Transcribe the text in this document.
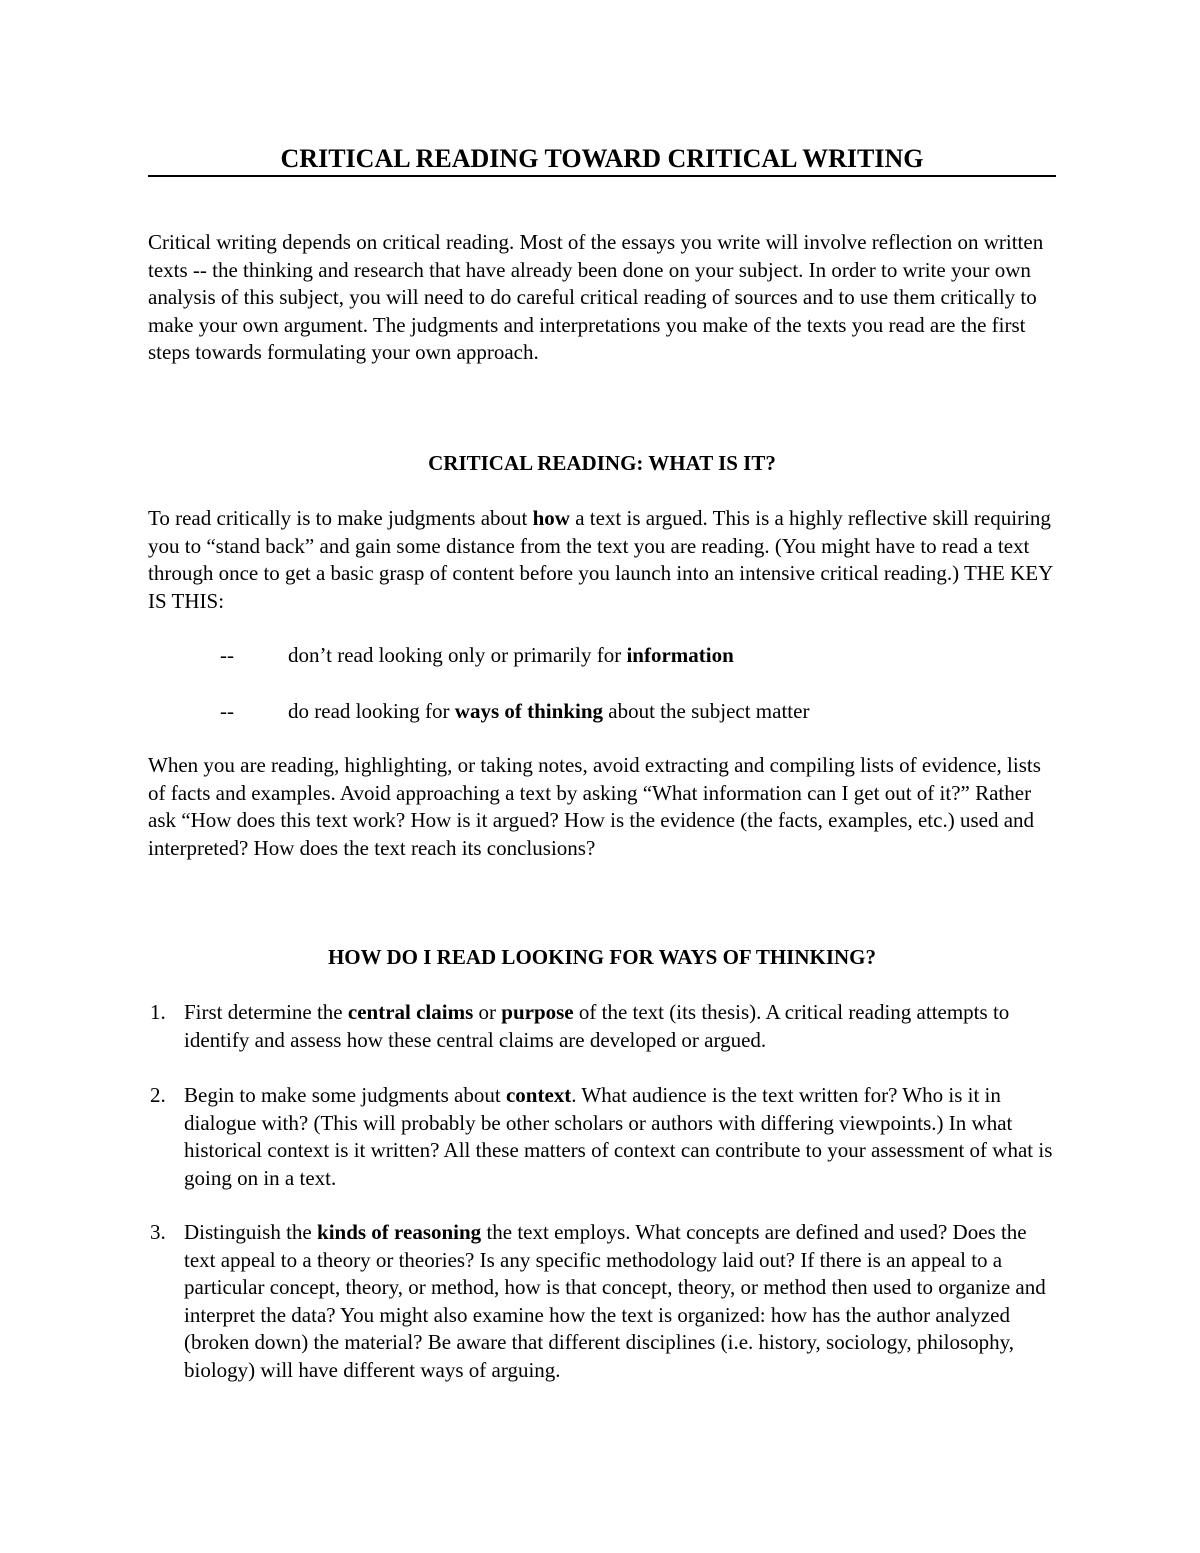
CRITICAL READING TOWARD CRITICAL WRITING

Critical writing depends on critical reading. Most of the essays you write will involve reflection on written texts -- the thinking and research that have already been done on your subject. In order to write your own analysis of this subject, you will need to do careful critical reading of sources and to use them critically to make your own argument. The judgments and interpretations you make of the texts you read are the first steps towards formulating your own approach.

CRITICAL READING: WHAT IS IT?

To read critically is to make judgments about how a text is argued. This is a highly reflective skill requiring you to “stand back” and gain some distance from the text you are reading. (You might have to read a text through once to get a basic grasp of content before you launch into an intensive critical reading.) THE KEY IS THIS:

--	don’t read looking only or primarily for information
--	do read looking for ways of thinking about the subject matter

When you are reading, highlighting, or taking notes, avoid extracting and compiling lists of evidence, lists of facts and examples. Avoid approaching a text by asking “What information can I get out of it?” Rather ask “How does this text work? How is it argued? How is the evidence (the facts, examples, etc.) used and interpreted? How does the text reach its conclusions?

HOW DO I READ LOOKING FOR WAYS OF THINKING?
1. First determine the central claims or purpose of the text (its thesis). A critical reading attempts to identify and assess how these central claims are developed or argued.
2. Begin to make some judgments about context. What audience is the text written for? Who is it in dialogue with? (This will probably be other scholars or authors with differing viewpoints.) In what historical context is it written? All these matters of context can contribute to your assessment of what is going on in a text.
3. Distinguish the kinds of reasoning the text employs. What concepts are defined and used? Does the text appeal to a theory or theories? Is any specific methodology laid out? If there is an appeal to a particular concept, theory, or method, how is that concept, theory, or method then used to organize and interpret the data? You might also examine how the text is organized: how has the author analyzed (broken down) the material? Be aware that different disciplines (i.e. history, sociology, philosophy, biology) will have different ways of arguing.
